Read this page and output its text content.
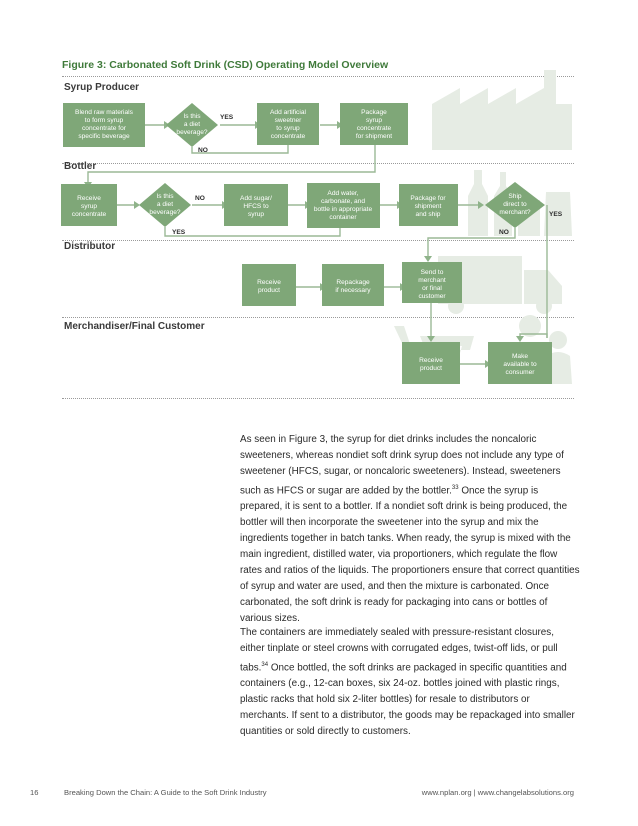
Figure 3: Carbonated Soft Drink (CSD) Operating Model Overview
Syrup Producer
Bottler
Distributor
Merchandiser/Final Customer
Blend raw materials
to form syrup
concentrate for
specific beverage
Is this
a diet
beverage?
Add artificial
sweetner
to syrup
concentrate
Package
syrup
concentrate
for shipment
YES
NO
Receive
syrup
concentrate
Is this
a diet
beverage?
Add sugar/
HFCS to
syrup
Add water,
carbonate, and
bottle in appropriate
container
Package for
shipment
and ship
Ship
direct to
merchant?
NO
YES
YES
NO
Receive
product
Repackage
if necessary
Send to
merchant
or final
customer
Receive
product
Make
available to
consumer

As seen in Figure 3, the syrup for diet drinks includes the noncaloric sweeteners, whereas nondiet soft drink syrup does not include any type of sweetener (HFCS, sugar, or noncaloric sweeteners). Instead, sweeteners such as HFCS or sugar are added by the bottler.$^{33}$ Once the syrup is prepared, it is sent to a bottler. If a nondiet soft drink is being produced, the bottler will then incorporate the sweetener into the syrup and mix the ingredients together in batch tanks. When ready, the syrup is mixed with the main ingredient, distilled water, via proportioners, which regulate the flow rates and ratios of the liquids. The proportioners ensure that correct quantities of syrup and water are used, and then the mixture is carbonated. Once carbonated, the soft drink is ready for packaging into cans or bottles of various sizes.

The containers are immediately sealed with pressure-resistant closures, either tinplate or steel crowns with corrugated edges, twist-off lids, or pull tabs.$^{34}$ Once bottled, the soft drinks are packaged in specific quantities and containers (e.g., 12-can boxes, six 24-oz. bottles joined with plastic rings, plastic racks that hold six 2-liter bottles) for resale to distributors or merchants. If sent to a distributor, the goods may be repackaged into smaller quantities or sold directly to customers.

16	Breaking Down the Chain: A Guide to the Soft Drink Industry	www.nplan.org | www.changelabsolutions.org
